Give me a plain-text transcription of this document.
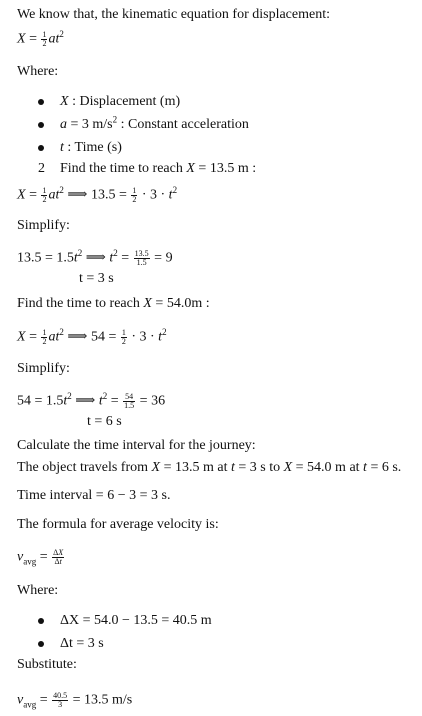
We know that, the kinematic equation for displacement:
$X = \frac{1}{2} at^2$
Where:
X : Displacement (m)
a = 3 $m/s^2$ : Constant acceleration
t : Time (s)
2 Find the time to reach X = 13.5 m :
$X = \frac{1}{2} at^2$ ⟹ $13.5 = \frac{1}{2} \cdot 3 \cdot t^2$
Simplify:
$13.5 = 1.5t^2$ ⟹ $t^2 = \frac{13.5}{1.5} = 9$
t = 3 s
Find the time to reach X = 54.0m :
$X = \frac{1}{2} at^2$ ⟹ $54 = \frac{1}{2} \cdot 3 \cdot t^2$
Simplify:
$54 = 1.5t^2$ ⟹ $t^2 = \frac{54}{1.5} = 36$
t = 6 s
Calculate the time interval for the journey:
The object travels from X = 13.5 m at t = 3 s to X = 54.0 m at t = 6 s.
Time interval = 6 − 3 = 3 s.
The formula for average velocity is:
$v_{avg} = \frac{\Delta X}{\Delta t}$
Where:
ΔX = 54.0 − 13.5 = 40.5 m
Δt = 3 s
Substitute:
$v_{avg} = \frac{40.5}{3} = 13.5$ m/s
